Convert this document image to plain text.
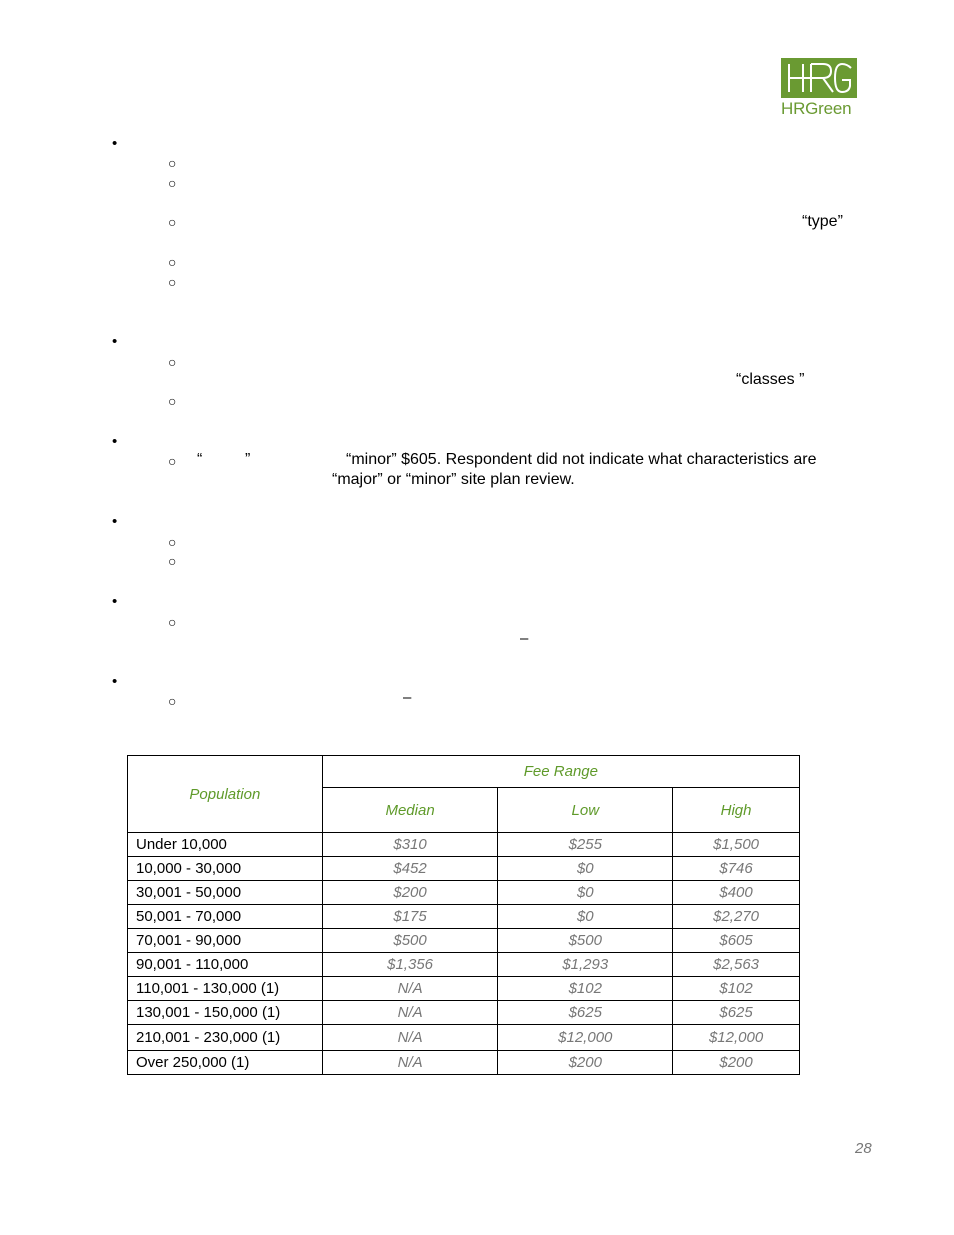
HRGreen
•
○
○
○	“type”
○
○
•
○
“classes ”
○
•
○ “	”	“minor” $605. Respondent did not indicate what characteristics are
“major” or “minor” site plan review.
•
○
○
•
○
–
•
○	–
Population	Fee Range		
	Median	Low	High
Under 10,000	$310	$255	$1,500
10,000 - 30,000	$452	$0	$746
30,001 - 50,000	$200	$0	$400
50,001 - 70,000	$175	$0	$2,270
70,001 - 90,000	$500	$500	$605
90,001 - 110,000	$1,356	$1,293	$2,563
110,001 - 130,000 (1)	N/A	$102	$102
130,001 - 150,000 (1)	N/A	$625	$625
210,001 - 230,000 (1)	N/A	$12,000	$12,000
Over 250,000 (1)	N/A	$200	$200
28
